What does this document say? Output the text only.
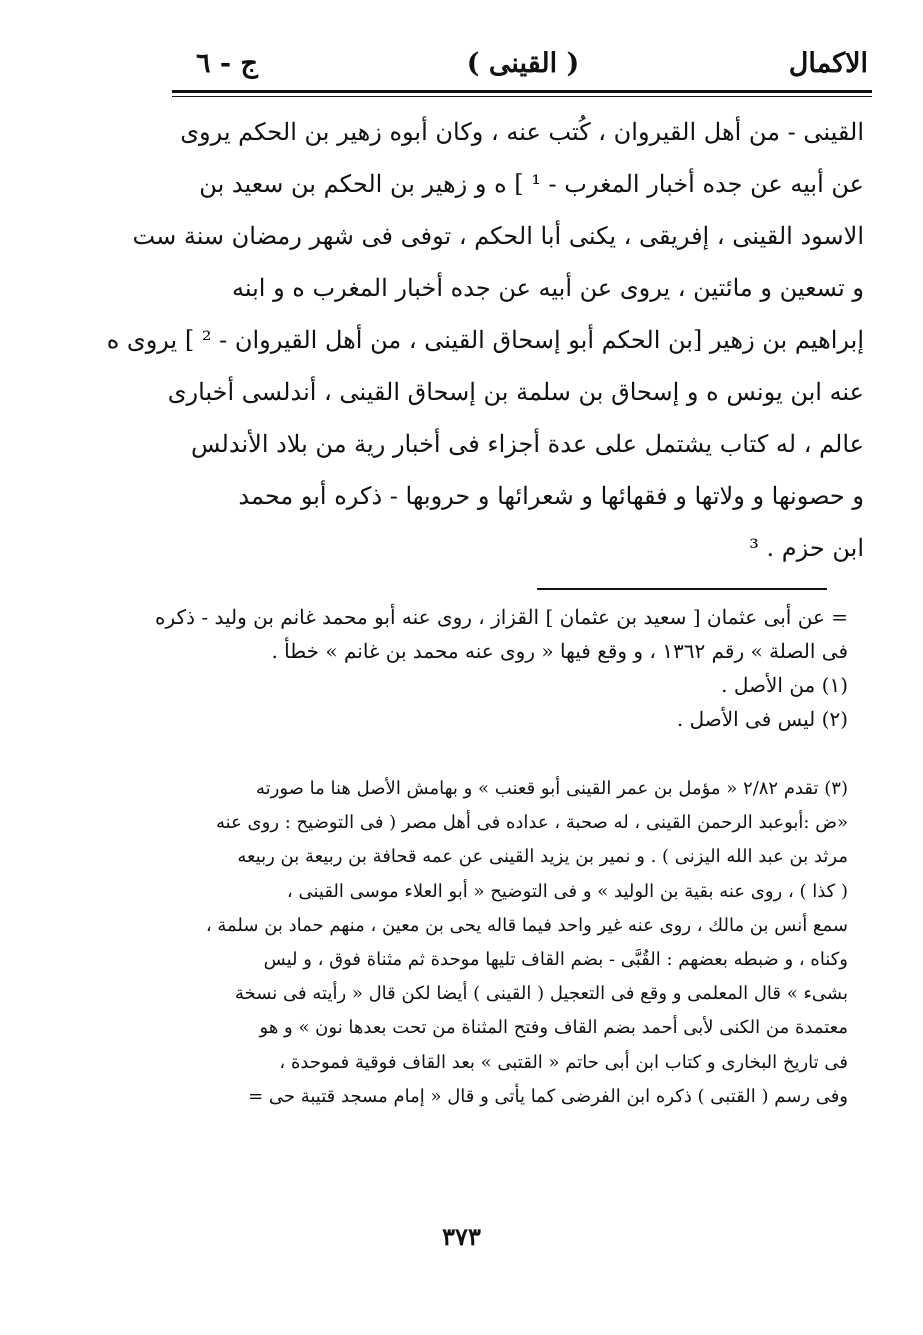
الاكمال
( القينى )
ج - ٦
القينى - من أهل القيروان ، كُتب عنه ، وكان أبوه زهير بن الحكم يروى
عن أبيه عن جده أخبار المغرب - ¹ ] ه و زهير بن الحكم بن سعيد بن
الاسود القينى ، إفريقى ، يكنى أبا الحكم ، توفى فى شهر رمضان سنة ست
و تسعين و مائتين ، يروى عن أبيه عن جده أخبار المغرب ه و ابنه
إبراهيم بن زهير [بن الحكم أبو إسحاق القينى ، من أهل القيروان - ² ] يروى ه
عنه ابن يونس ه و إسحاق بن سلمة بن إسحاق القينى ، أندلسى أخبارى
عالم ، له كتاب يشتمل على عدة أجزاء فى أخبار رية من بلاد الأندلس
و حصونها و ولاتها و فقهائها و شعرائها و حروبها - ذكره أبو محمد
ابن حزم . ³
= عن أبى عثمان [ سعيد بن عثمان ] القزاز ، روى عنه أبو محمد غانم بن وليد - ذكره
فى الصلة » رقم ١٣٦٢ ، و وقع فيها « روى عنه محمد بن غانم » خطأ .
(١) من الأصل .
(٢) ليس فى الأصل .
(٣) تقدم ٢/٨٢ « مؤمل بن عمر القينى أبو قعنب » و بهامش الأصل هنا ما صورته
«ض :أبوعبد الرحمن القينى ، له صحبة ، عداده فى أهل مصر ( فى التوضيح : روى عنه
مرثد بن عبد الله اليزنى ) . و نمير بن يزيد القينى عن عمه قحافة بن ربيعة بن ربيعه
( كذا ) ، روى عنه بقية بن الوليد » و فى التوضيح « أبو العلاء موسى القينى ،
سمع أنس بن مالك ، روى عنه غير واحد فيما قاله يحى بن معين ، منهم حماد بن سلمة ،
وكناه ، و ضبطه بعضهم : القُبَّى - بضم القاف تليها موحدة ثم مثناة فوق ، و ليس
بشىء » قال المعلمى و وقع فى التعجيل ( القينى ) أيضا لكن قال « رأيته فى نسخة
معتمدة من الكنى لأبى أحمد بضم القاف وفتح المثناة من تحت بعدها نون » و هو
فى تاريخ البخارى و كتاب ابن أبى حاتم « القتبى » بعد القاف فوقية فموحدة ،
وفى رسم ( القتبى ) ذكره ابن الفرضى كما يأتى و قال « إمام مسجد قتيبة حى =
٣٧٣
